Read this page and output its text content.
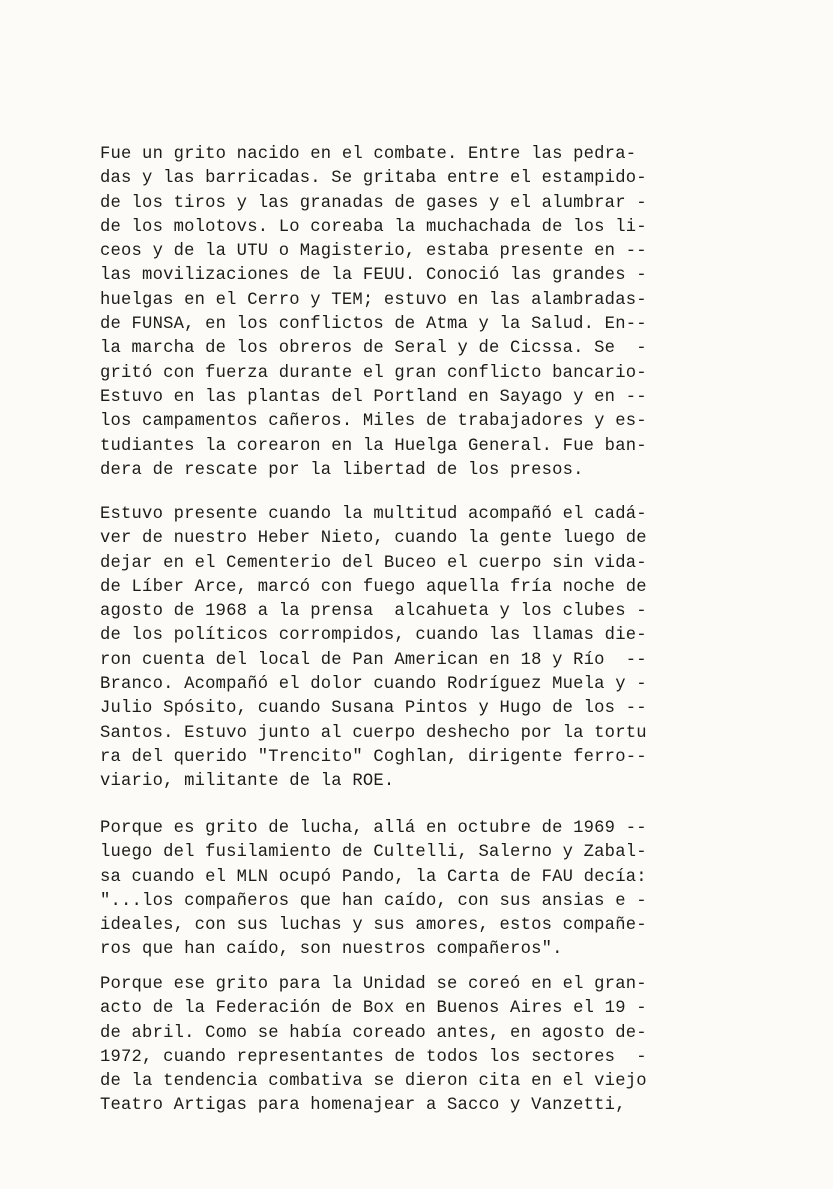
Fue un grito nacido en el combate. Entre las pedra-
das y las barricadas. Se gritaba entre el estampido-
de los tiros y las granadas de gases y el alumbrar -
de los molotovs. Lo coreaba la muchachada de los li-
ceos y de la UTU o Magisterio, estaba presente en --
las movilizaciones de la FEUU. Conoció las grandes -
huelgas en el Cerro y TEM; estuvo en las alambradas-
de FUNSA, en los conflictos de Atma y la Salud. En--
la marcha de los obreros de Seral y de Cicssa. Se  -
gritó con fuerza durante el gran conflicto bancario-
Estuvo en las plantas del Portland en Sayago y en --
los campamentos cañeros. Miles de trabajadores y es-
tudiantes la corearon en la Huelga General. Fue ban-
dera de rescate por la libertad de los presos.
Estuvo presente cuando la multitud acompañó el cadá-
ver de nuestro Heber Nieto, cuando la gente luego de
dejar en el Cementerio del Buceo el cuerpo sin vida-
de Líber Arce, marcó con fuego aquella fría noche de
agosto de 1968 a la prensa  alcahueta y los clubes -
de los políticos corrompidos, cuando las llamas die-
ron cuenta del local de Pan American en 18 y Río  --
Branco. Acompañó el dolor cuando Rodríguez Muela y -
Julio Spósito, cuando Susana Pintos y Hugo de los --
Santos. Estuvo junto al cuerpo deshecho por la tortu
ra del querido "Trencito" Coghlan, dirigente ferro--
viario, militante de la ROE.
Porque es grito de lucha, allá en octubre de 1969 --
luego del fusilamiento de Cultelli, Salerno y Zabal-
sa cuando el MLN ocupó Pando, la Carta de FAU decía:
"...los compañeros que han caído, con sus ansias e -
ideales, con sus luchas y sus amores, estos compañe-
ros que han caído, son nuestros compañeros".
Porque ese grito para la Unidad se coreó en el gran-
acto de la Federación de Box en Buenos Aires el 19 -
de abril. Como se había coreado antes, en agosto de-
1972, cuando representantes de todos los sectores  -
de la tendencia combativa se dieron cita en el viejo
Teatro Artigas para homenajear a Sacco y Vanzetti,
